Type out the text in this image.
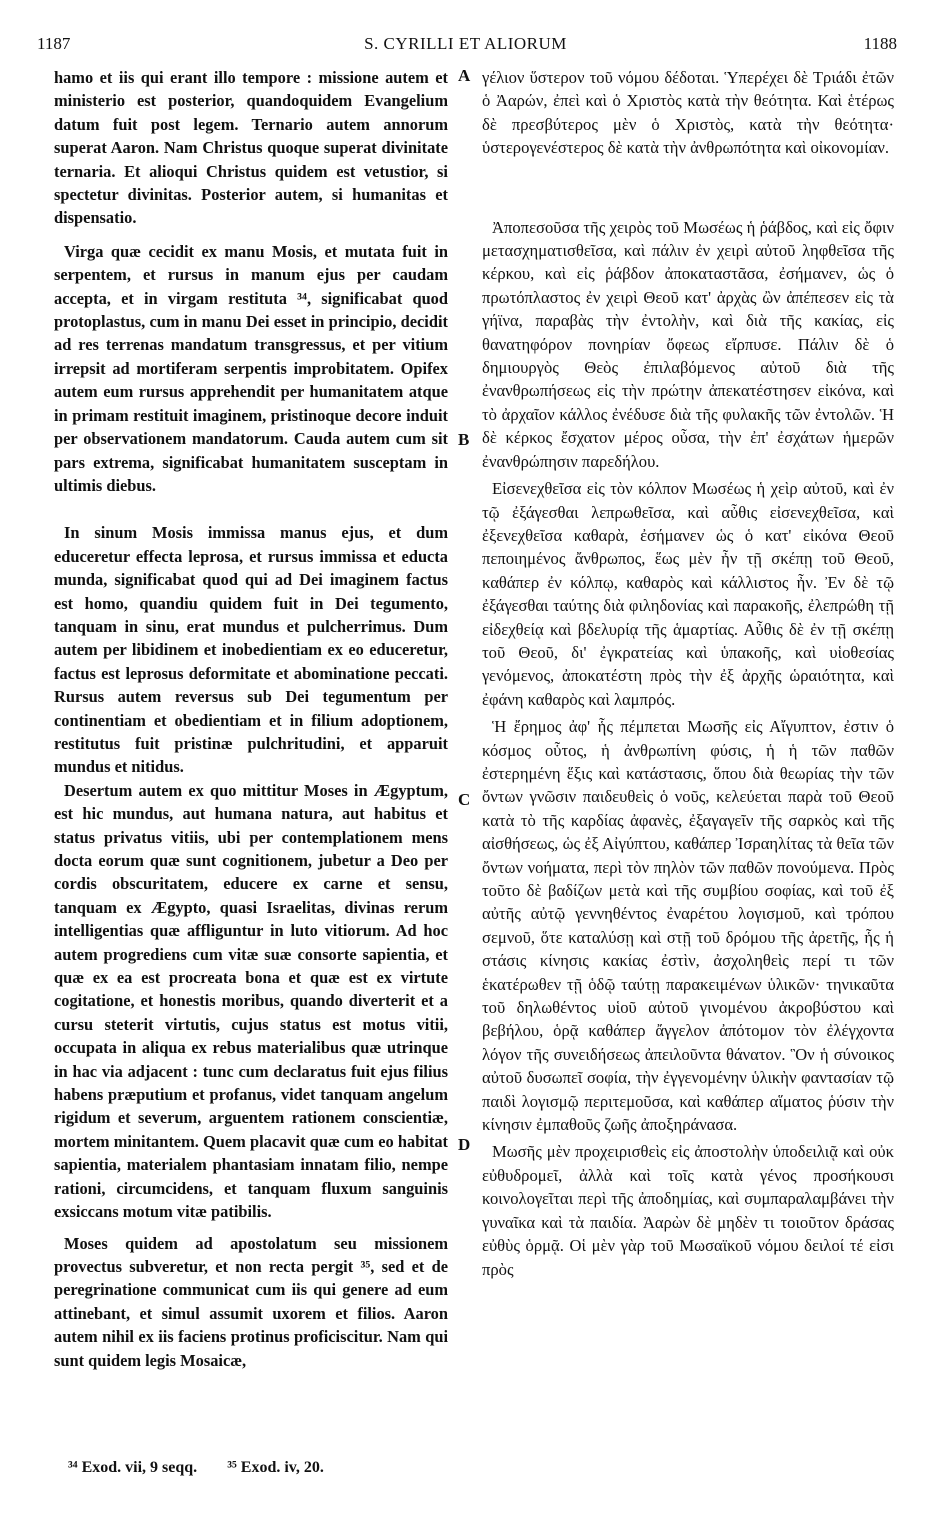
1187	S. CYRILLI ET ALIORUM	1188

hamo et iis qui erant illo tempore : missione autem et ministerio est posterior, quandoquidem Evangelium datum fuit post legem. Ternario autem annorum superat Aaron. Nam Christus quoque superat divinitate ternaria. Et alioqui Christus quidem est vetustior, si spectetur divinitas. Posterior autem, si humanitas et dispensatio.

Virga quæ cecidit ex manu Mosis, et mutata fuit in serpentem, et rursus in manum ejus per caudam accepta, et in virgam restituta ³⁴, significabat quod protoplastus, cum in manu Dei esset in principio, decidit ad res terrenas mandatum transgressus, et per vitium irrepsit ad mortiferam serpentis improbitatem. Opifex autem eum rursus apprehendit per humanitatem atque in primam restituit imaginem, pristinoque decore induit per observationem mandatorum. Cauda autem cum sit pars extrema, significabat humanitatem susceptam in ultimis diebus.

In sinum Mosis immissa manus ejus, et dum educeretur effecta leprosa, et rursus immissa et educta munda, significabat quod qui ad Dei imaginem factus est homo, quandiu quidem fuit in Dei tegumento, tanquam in sinu, erat mundus et pulcherrimus. Dum autem per libidinem et inobedientiam ex eo educeretur, factus est leprosus deformitate et abominatione peccati. Rursus autem reversus sub Dei tegumentum per continentiam et obedientiam et in filium adoptionem, restitutus fuit pristinæ pulchritudini, et apparuit mundus et nitidus.

Desertum autem ex quo mittitur Moses in Ægyptum, est hic mundus, aut humana natura, aut habitus et status privatus vitiis, ubi per contemplationem mens docta eorum quæ sunt cognitionem, jubetur a Deo per cordis obscuritatem, educere ex carne et sensu, tanquam ex Ægypto, quasi Israelitas, divinas rerum intelligentias quæ affliguntur in luto vitiorum. Ad hoc autem progrediens cum vitæ suæ consorte sapientia, et quæ ex ea est procreata bona et quæ est ex virtute cogitatione, et honestis moribus, quando diverterit et a cursu steterit virtutis, cujus status est motus vitii, occupata in aliqua ex rebus materialibus quæ utrinque in hac via adjacent : tunc cum declaratus fuit ejus filius habens præputium et profanus, videt tanquam angelum rigidum et severum, arguentem rationem conscientiæ, mortem minitantem. Quem placavit quæ cum eo habitat sapientia, materialem phantasiam innatam filio, nempe rationi, circumcidens, et tanquam fluxum sanguinis exsiccans motum vitæ patibilis.

Moses quidem ad apostolatum seu missionem provectus subveretur, et non recta pergit ³⁵, sed et de peregrinatione communicat cum iis qui genere ad eum attinebant, et simul assumit uxorem et filios. Aaron autem nihil ex iis faciens protinus proficiscitur. Nam qui sunt quidem legis Mosaicæ,

A
B
C
D

γέλιον ὕστερον τοῦ νόμου δέδοται. Ὑπερέχει δὲ Τριάδι ἐτῶν ὁ Ἀαρών, ἐπεὶ καὶ ὁ Χριστὸς κατὰ τὴν θεότητα. Καὶ ἑτέρως δὲ πρεσβύτερος μὲν ὁ Χριστὸς, κατὰ τὴν θεότητα· ὑστερογενέστερος δὲ κατὰ τὴν ἀνθρωπότητα καὶ οἰκονομίαν.

Ἀποπεσοῦσα τῆς χειρὸς τοῦ Μωσέως ἡ ῥάβδος, καὶ εἰς ὄφιν μετασχηματισθεῖσα, καὶ πάλιν ἐν χειρὶ αὐτοῦ ληφθεῖσα τῆς κέρκου, καὶ εἰς ῥάβδον ἀποκαταστᾶσα, ἐσήμανεν, ὡς ὁ πρωτόπλαστος ἐν χειρὶ Θεοῦ κατ' ἀρχὰς ὢν ἀπέπεσεν εἰς τὰ γήϊνα, παραβὰς τὴν ἐντολὴν, καὶ διὰ τῆς κακίας, εἰς θανατηφόρον πονηρίαν ὄφεως εἴρπυσε. Πάλιν δὲ ὁ δημιουργὸς Θεὸς ἐπιλαβόμενος αὐτοῦ διὰ τῆς ἐνανθρωπήσεως εἰς τὴν πρώτην ἀπεκατέστησεν εἰκόνα, καὶ τὸ ἀρχαῖον κάλλος ἐνέδυσε διὰ τῆς φυλακῆς τῶν ἐντολῶν. Ἡ δὲ κέρκος ἔσχατον μέρος οὖσα, τὴν ἐπ' ἐσχάτων ἡμερῶν ἐνανθρώπησιν παρεδήλου.

Εἰσενεχθεῖσα εἰς τὸν κόλπον Μωσέως ἡ χεὶρ αὐτοῦ, καὶ ἐν τῷ ἐξάγεσθαι λεπρωθεῖσα, καὶ αὖθις εἰσενεχθεῖσα, καὶ ἐξενεχθεῖσα καθαρὰ, ἐσήμανεν ὡς ὁ κατ' εἰκόνα Θεοῦ πεποιημένος ἄνθρωπος, ἕως μὲν ἦν τῇ σκέπῃ τοῦ Θεοῦ, καθάπερ ἐν κόλπῳ, καθαρὸς καὶ κάλλιστος ἦν. Ἐν δὲ τῷ ἐξάγεσθαι ταύτης διὰ φιληδονίας καὶ παρακοῆς, ἐλεπρώθη τῇ εἰδεχθείᾳ καὶ βδελυρίᾳ τῆς ἁμαρτίας. Αὖθις δὲ ἐν τῇ σκέπῃ τοῦ Θεοῦ, δι' ἐγκρατείας καὶ ὑπακοῆς, καὶ υἱοθεσίας γενόμενος, ἀποκατέστη πρὸς τὴν ἐξ ἀρχῆς ὡραιότητα, καὶ ἐφάνη καθαρὸς καὶ λαμπρός.

Ἡ ἔρημος ἀφ' ἧς πέμπεται Μωσῆς εἰς Αἴγυπτον, ἐστιν ὁ κόσμος οὗτος, ἡ ἀνθρωπίνη φύσις, ἡ ἡ τῶν παθῶν ἐστερημένη ἕξις καὶ κατάστασις, ὅπου διὰ θεωρίας τὴν τῶν ὄντων γνῶσιν παιδευθεὶς ὁ νοῦς, κελεύεται παρὰ τοῦ Θεοῦ κατὰ τὸ τῆς καρδίας ἀφανὲς, ἐξαγαγεῖν τῆς σαρκὸς καὶ τῆς αἰσθήσεως, ὡς ἐξ Αἰγύπτου, καθάπερ Ἰσραηλίτας τὰ θεῖα τῶν ὄντων νοήματα, περὶ τὸν πηλὸν τῶν παθῶν πονούμενα. Πρὸς τοῦτο δὲ βαδίζων μετὰ καὶ τῆς συμβίου σοφίας, καὶ τοῦ ἐξ αὐτῆς αὐτῷ γεννηθέντος ἐναρέτου λογισμοῦ, καὶ τρόπου σεμνοῦ, ὅτε καταλύσῃ καὶ στῇ τοῦ δρόμου τῆς ἀρετῆς, ἧς ἡ στάσις κίνησις κακίας ἐστὶν, ἀσχοληθεὶς περί τι τῶν ἑκατέρωθεν τῇ ὁδῷ ταύτῃ παρακειμένων ὑλικῶν· τηνικαῦτα τοῦ δηλωθέντος υἱοῦ αὐτοῦ γινομένου ἀκροβύστου καὶ βεβήλου, ὁρᾷ καθάπερ ἄγγελον ἀπότομον τὸν ἐλέγχοντα λόγον τῆς συνειδήσεως ἀπειλοῦντα θάνατον. Ὃν ἡ σύνοικος αὐτοῦ δυσωπεῖ σοφία, τὴν ἐγγενομένην ὑλικὴν φαντασίαν τῷ παιδὶ λογισμῷ περιτεμοῦσα, καὶ καθάπερ αἵματος ῥύσιν τὴν κίνησιν ἐμπαθοῦς ζωῆς ἀποξηράνασα.

Μωσῆς μὲν προχειρισθεὶς εἰς ἀποστολὴν ὑποδειλιᾷ καὶ οὐκ εὐθυδρομεῖ, ἀλλὰ καὶ τοῖς κατὰ γένος προσήκουσι κοινολογεῖται περὶ τῆς ἀποδημίας, καὶ συμπαραλαμβάνει τὴν γυναῖκα καὶ τὰ παιδία. Ἀαρὼν δὲ μηδὲν τι τοιοῦτον δράσας εὐθὺς ὁρμᾷ. Οἱ μὲν γὰρ τοῦ Μωσαϊκοῦ νόμου δειλοί τέ εἰσι πρὸς

³⁴ Exod. vii, 9 seqq. ³⁵ Exod. iv, 20.
